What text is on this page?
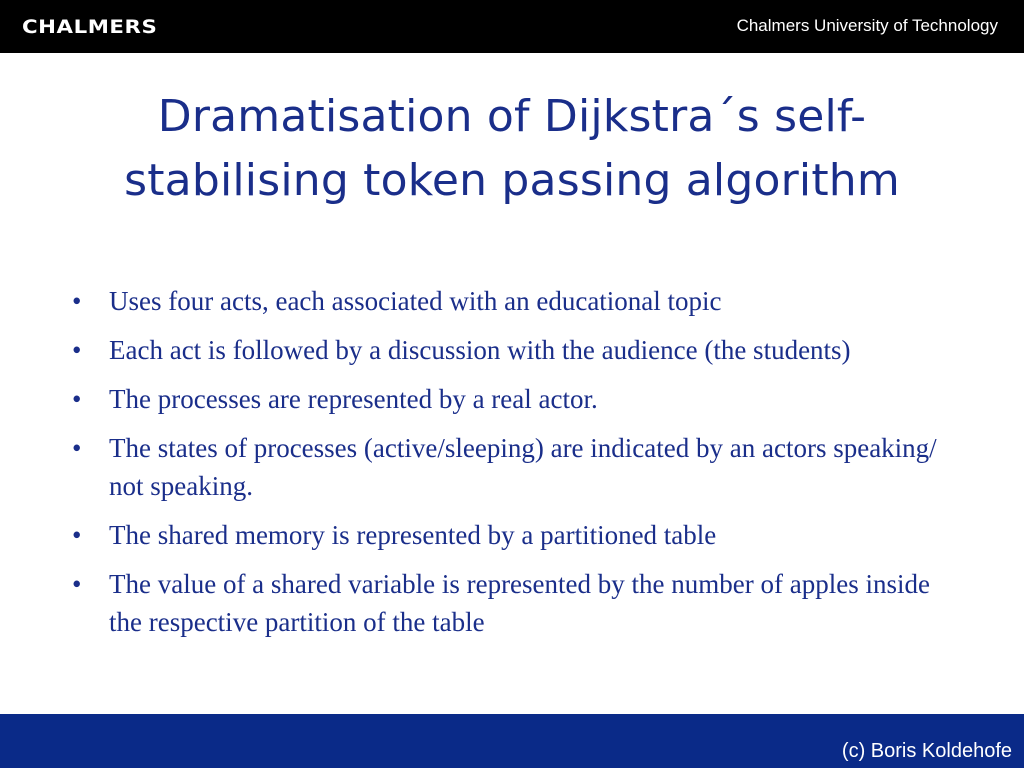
CHALMERS	Chalmers University of Technology
Dramatisation of Dijkstra´s self-
stabilising token passing algorithm
• Uses four acts, each associated with an educational topic
• Each act is followed by a discussion with the audience (the students)
• The processes are represented by a real actor.
• The states of processes (active/sleeping) are indicated by an actors speaking/ not speaking.
• The shared memory is represented by a partitioned table
• The value of a shared variable is represented by the number of apples inside the respective partition of the table
(c) Boris Koldehofe
